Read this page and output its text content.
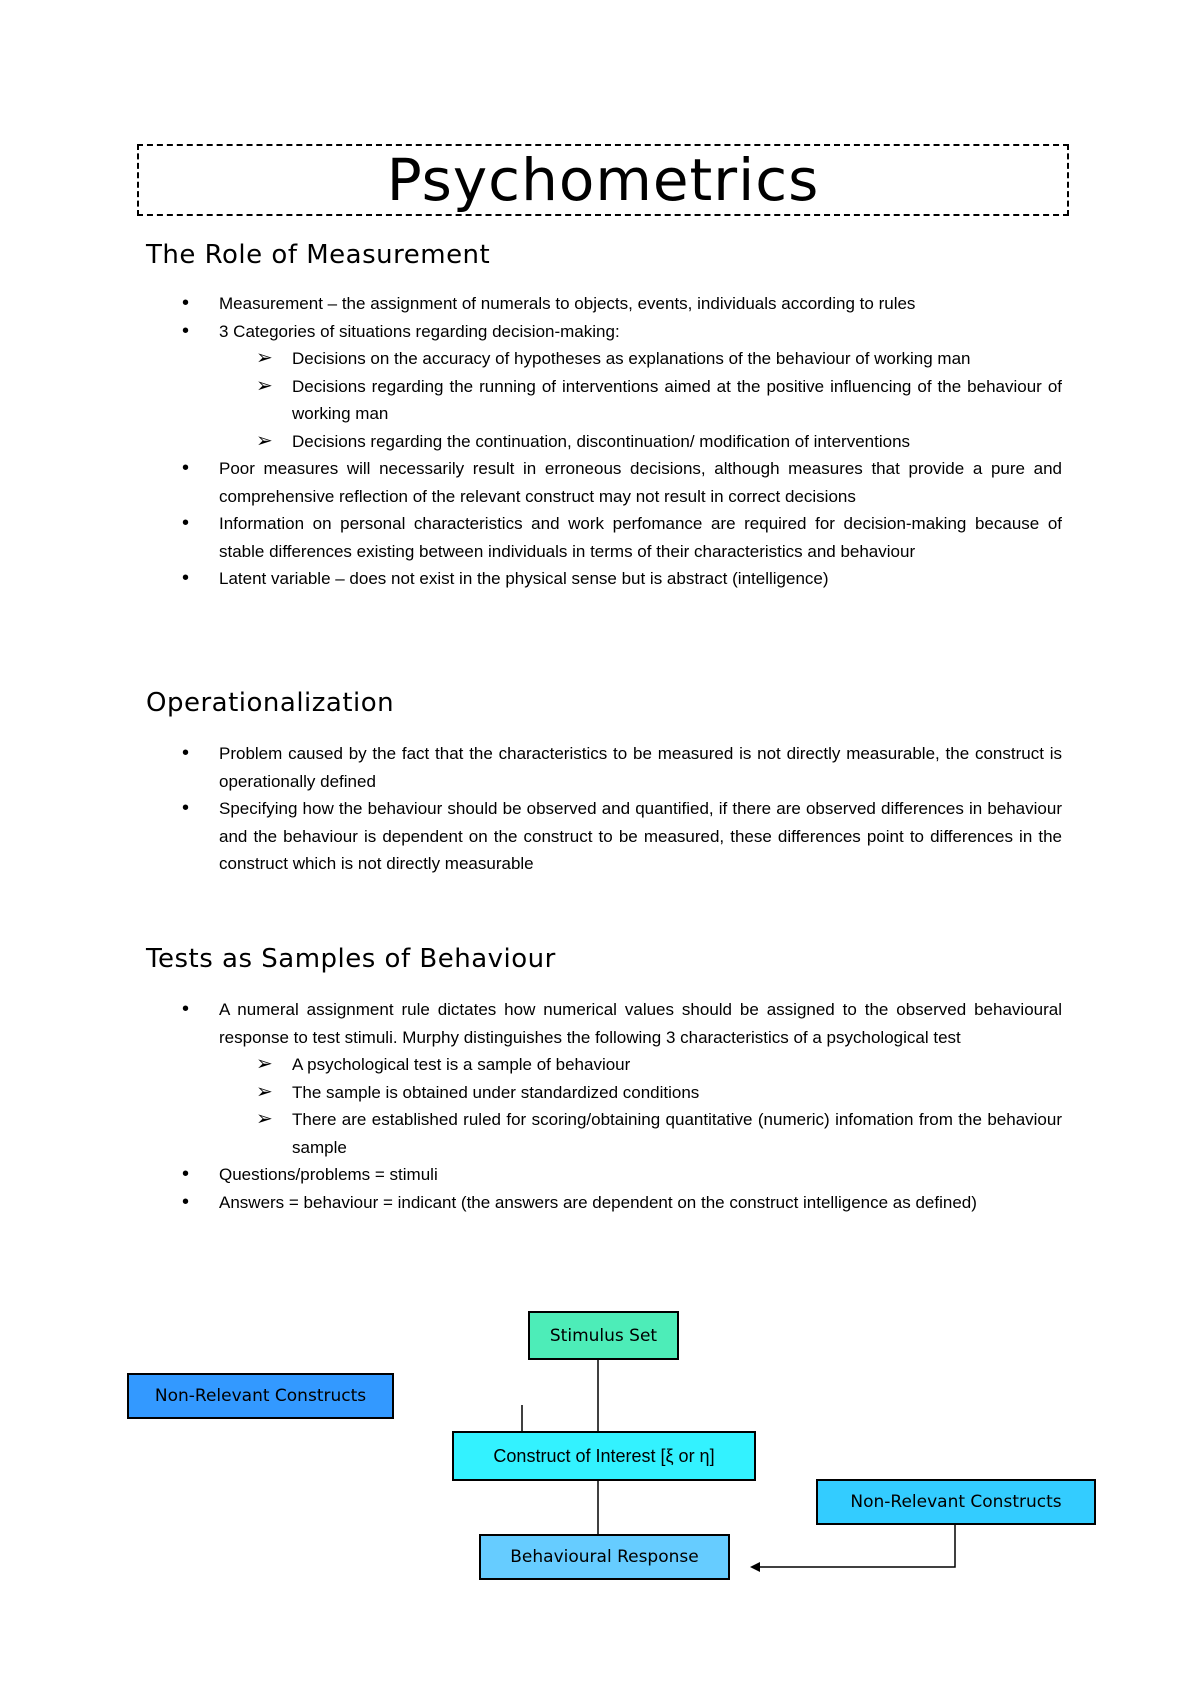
Psychometrics
The Role of Measurement
• Measurement – the assignment of numerals to objects, events, individuals according to rules
• 3 Categories of situations regarding decision-making:
➢ Decisions on the accuracy of hypotheses as explanations of the behaviour of working man
➢ Decisions regarding the running of interventions aimed at the positive influencing of the behaviour of working man
➢ Decisions regarding the continuation, discontinuation/ modification of interventions
• Poor measures will necessarily result in erroneous decisions, although measures that provide a pure and comprehensive reflection of the relevant construct may not result in correct decisions
• Information on personal characteristics and work perfomance are required for decision-making because of stable differences existing between individuals in terms of their characteristics and behaviour
• Latent variable – does not exist in the physical sense but is abstract (intelligence)
Operationalization
• Problem caused by the fact that the characteristics to be measured is not directly measurable, the construct is operationally defined
• Specifying how the behaviour should be observed and quantified, if there are observed differences in behaviour and the behaviour is dependent on the construct to be measured, these differences point to differences in the construct which is not directly measurable
Tests as Samples of Behaviour
• A numeral assignment rule dictates how numerical values should be assigned to the observed behavioural response to test stimuli. Murphy distinguishes the following 3 characteristics of a psychological test
➢ A psychological test is a sample of behaviour
➢ The sample is obtained under standardized conditions
➢ There are established ruled for scoring/obtaining quantitative (numeric) infomation from the behaviour sample
• Questions/problems = stimuli
• Answers = behaviour = indicant (the answers are dependent on the construct intelligence as defined)
Stimulus Set
Non-Relevant Constructs
Construct of Interest [ξ or η]
Non-Relevant Constructs
Behavioural Response
